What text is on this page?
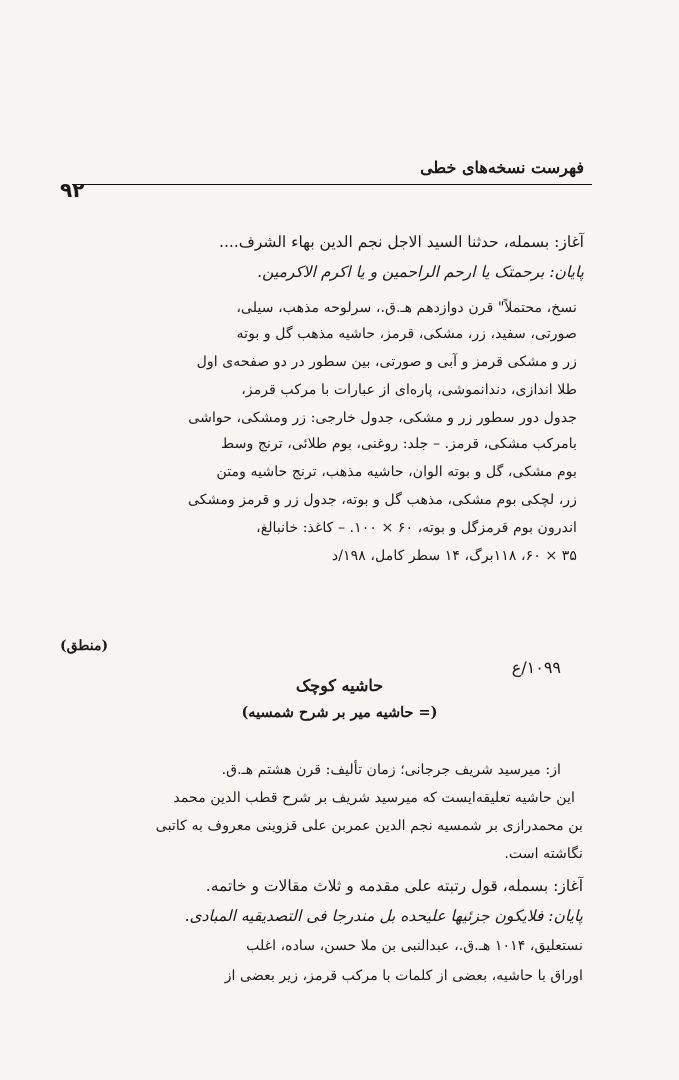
فهرست نسخه‌های خطی
۹۲
آغاز: بسمله، حدثنا السید الاجل نجم الدین بهاء الشرف....
پایان: برحمتک یا ارحم الراحمین و یا اکرم الاکرمین.
نسخ، محتملاً" قرن دوازدهم هـ.ق.، سرلوحه مذهب، سیلی،
صورتی، سفید، زر، مشکی، قرمز، حاشیه مذهب گل و بوته
زر و مشکی قرمز و آبی و صورتی، بین سطور در دو صفحه‌ی اول
طلا اندازی، دندانموشی، پاره‌ای از عبارات با مرکب قرمز،
جدول دور سطور زر و مشکی، جدول خارجی: زر ومشکی، حواشی
بامرکب مشکی، قرمز. – جلد: روغنی، بوم طلائی، ترنج وسط
بوم مشکی، گل و بوته الوان، حاشیه مذهب، ترنج حاشیه ومتن
زر، لچکی بوم مشکی، مذهب گل و بوته، جدول زر و قرمز ومشکی
اندرون بوم قرمزگل و بوته، ۶۰ × ۱۰۰. – کاغذ: خانبالغ،
۳۵ × ۶۰، ۱۱۸برگ، ۱۴ سطر کامل، ۱۹۸/د
(منطق)
۱۰۹۹/ع
حاشیه کوچک
(= حاشیه میر بر شرح شمسیه)
از: میرسید شریف جرجانی؛ زمان تألیف: قرن هشتم هـ.ق.
این حاشیه تعلیقه‌ایست که میرسید شریف بر شرح قطب الدین محمد
بن محمدرازی بر شمسیه نجم الدین عمربن علی قزوینی معروف به کاتبی
نگاشته است.
آغاز: بسمله، قول رتبته علی مقدمه و ثلاث مقالات و خاتمه.
پایان: فلایکون جزئیها علیحده بل مندرجا فی التصدیقیه المبادی.
نستعلیق، ۱۰۱۴ هـ.ق.، عبدالنبی بن ملا حسن، ساده، اغلب
اوراق با حاشیه، بعضی از کلمات با مرکب قرمز، زیر بعضی از
